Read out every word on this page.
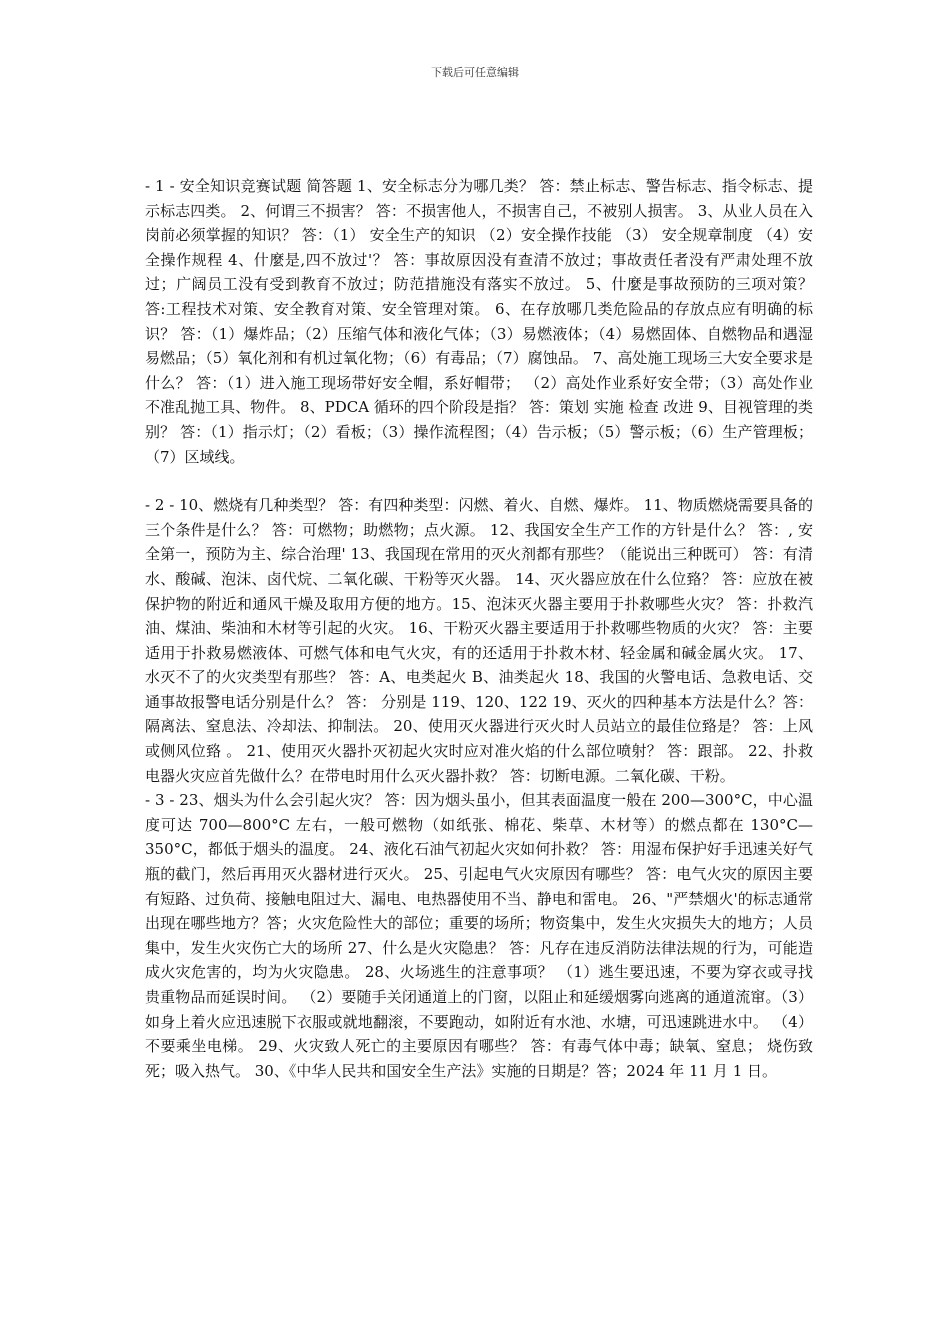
下载后可任意编辑

- 1 - 安全知识竞赛试题 简答题 1、安全标志分为哪几类？ 答：禁止标志、警告标志、指令标志、提示标志四类。 2、何谓三不损害？ 答：不损害他人，不损害自己，不被别人损害。 3、从业人员在入岗前必须掌握的知识？ 答：（1） 安全生产的知识 （2）安全操作技能 （3） 安全规章制度 （4）安全操作规程 4、什麼是,四不放过'？ 答：事故原因没有查清不放过；事故责任者没有严肃处理不放过；广阔员工没有受到教育不放过；防范措施没有落实不放过。 5、什麼是事故预防的三项对策？ 答:工程技术对策、安全教育对策、安全管理对策。 6、在存放哪几类危险品的存放点应有明确的标识？ 答：（1）爆炸品；（2）压缩气体和液化气体；（3）易燃液体；（4）易燃固体、自燃物品和遇湿易燃品；（5）氧化剂和有机过氧化物；（6）有毒品；（7）腐蚀品。 7、高处施工现场三大安全要求是什么？ 答：（1）进入施工现场带好安全帽，系好帽带； （2）高处作业系好安全带；（3）高处作业不准乱抛工具、物件。 8、PDCA 循环的四个阶段是指？ 答：策划 实施 检查 改进 9、目视管理的类别？ 答：（1）指示灯；（2）看板；（3）操作流程图；（4）告示板；（5）警示板；（6）生产管理板；（7）区域线。

- 2 - 10、燃烧有几种类型？ 答：有四种类型：闪燃、着火、自燃、爆炸。 11、物质燃烧需要具备的三个条件是什么？ 答：可燃物；助燃物；点火源。 12、我国安全生产工作的方针是什么？ 答：, 安全第一，预防为主、综合治理' 13、我国现在常用的灭火剂都有那些？（能说出三种既可） 答：有清水、酸碱、泡沫、卤代烷、二氧化碳、干粉等灭火器。 14、灭火器应放在什么位臵？ 答：应放在被保护物的附近和通风干燥及取用方便的地方。15、泡沫灭火器主要用于扑救哪些火灾？ 答：扑救汽油、煤油、柴油和木材等引起的火灾。 16、干粉灭火器主要适用于扑救哪些物质的火灾？ 答：主要适用于扑救易燃液体、可燃气体和电气火灾，有的还适用于扑救木材、轻金属和碱金属火灾。 17、水灭不了的火灾类型有那些？ 答：A、电类起火 B、油类起火 18、我国的火警电话、急救电话、交通事故报警电话分别是什么？ 答： 分别是 119、120、122 19、灭火的四种基本方法是什么？答：隔离法、窒息法、冷却法、抑制法。 20、使用灭火器进行灭火时人员站立的最佳位臵是？ 答：上风或侧风位臵 。 21、使用灭火器扑灭初起火灾时应对准火焰的什么部位喷射？ 答：跟部。 22、扑救电器火灾应首先做什么？在带电时用什么灭火器扑救？ 答：切断电源。二氧化碳、干粉。

- 3 - 23、烟头为什么会引起火灾？ 答：因为烟头虽小，但其表面温度一般在 200—300°C，中心温度可达 700—800°C 左右，一般可燃物（如纸张、棉花、柴草、木材等）的燃点都在 130°C—350°C，都低于烟头的温度。 24、液化石油气初起火灾如何扑救？ 答：用湿布保护好手迅速关好气瓶的截门，然后再用灭火器材进行灭火。 25、引起电气火灾原因有哪些？ 答：电气火灾的原因主要有短路、过负荷、接触电阻过大、漏电、电热器使用不当、静电和雷电。 26、"严禁烟火'的标志通常出现在哪些地方？答；火灾危险性大的部位；重要的场所；物资集中，发生火灾损失大的地方；人员集中，发生火灾伤亡大的场所 27、什么是火灾隐患？ 答：凡存在违反消防法律法规的行为，可能造成火灾危害的，均为火灾隐患。 28、火场逃生的注意事项？ （1）逃生要迅速，不要为穿衣或寻找贵重物品而延误时间。 （2）要随手关闭通道上的门窗，以阻止和延缓烟雾向逃离的通道流窜。（3）如身上着火应迅速脱下衣服或就地翻滚，不要跑动，如附近有水池、水塘，可迅速跳进水中。 （4）不要乘坐电梯。 29、火灾致人死亡的主要原因有哪些？ 答：有毒气体中毒；缺氧、窒息； 烧伤致死；吸入热气。 30、《中华人民共和国安全生产法》实施的日期是？答；2024 年 11 月 1 日。
